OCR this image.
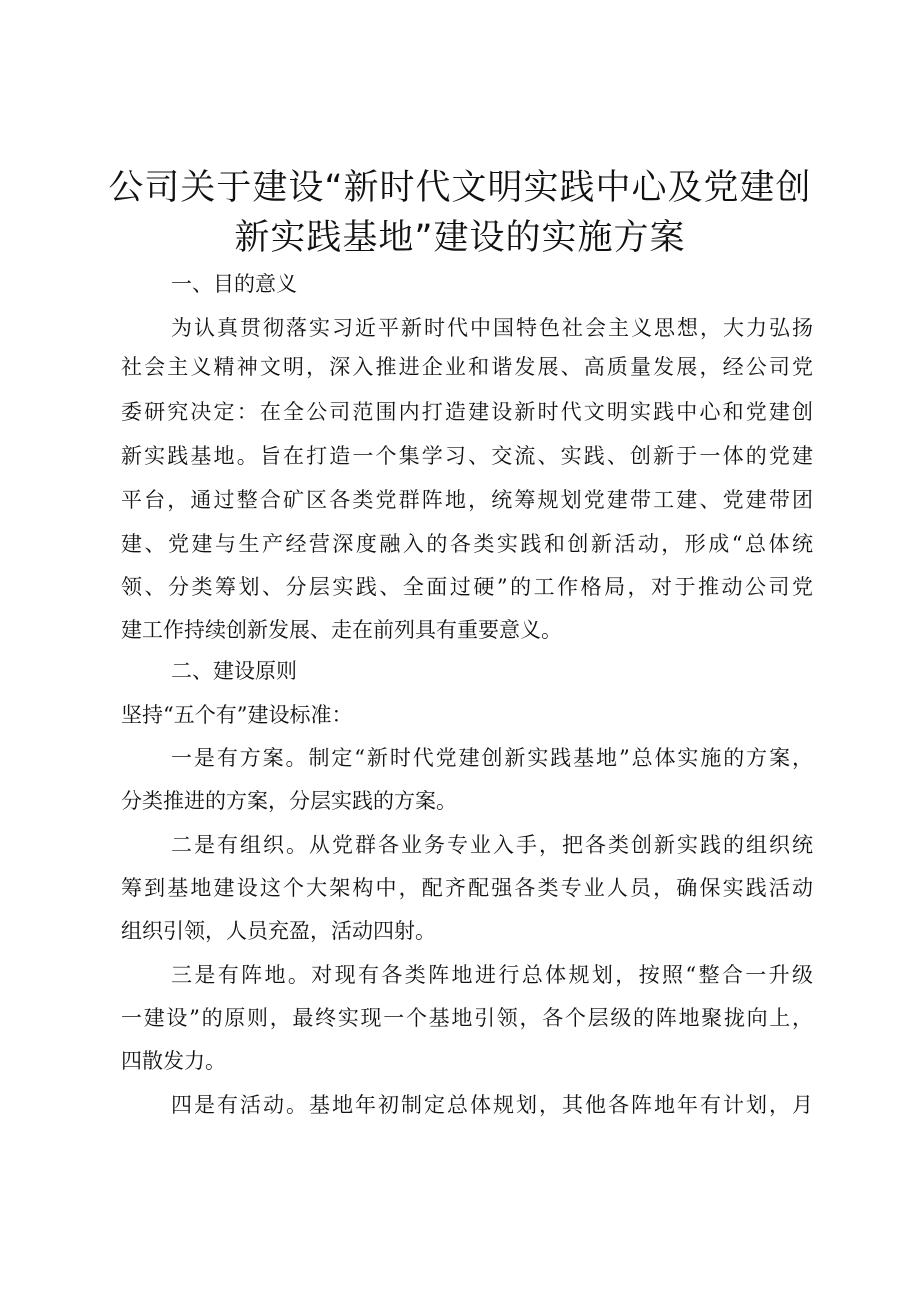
公司关于建设“新时代文明实践中心及党建创
新实践基地”建设的实施方案
一、目的意义
为认真贯彻落实习近平新时代中国特色社会主义思想，大力弘扬
社会主义精神文明，深入推进企业和谐发展、高质量发展，经公司党
委研究决定：在全公司范围内打造建设新时代文明实践中心和党建创
新实践基地。旨在打造一个集学习、交流、实践、创新于一体的党建
平台，通过整合矿区各类党群阵地，统筹规划党建带工建、党建带团
建、党建与生产经营深度融入的各类实践和创新活动，形成“总体统
领、分类筹划、分层实践、全面过硬”的工作格局，对于推动公司党
建工作持续创新发展、走在前列具有重要意义。
二、建设原则
坚持“五个有”建设标准：
一是有方案。制定“新时代党建创新实践基地”总体实施的方案，
分类推进的方案，分层实践的方案。
二是有组织。从党群各业务专业入手，把各类创新实践的组织统
筹到基地建设这个大架构中，配齐配强各类专业人员，确保实践活动
组织引领，人员充盈，活动四射。
三是有阵地。对现有各类阵地进行总体规划，按照“整合一升级
一建设”的原则，最终实现一个基地引领，各个层级的阵地聚拢向上，
四散发力。
四是有活动。基地年初制定总体规划，其他各阵地年有计划，月
